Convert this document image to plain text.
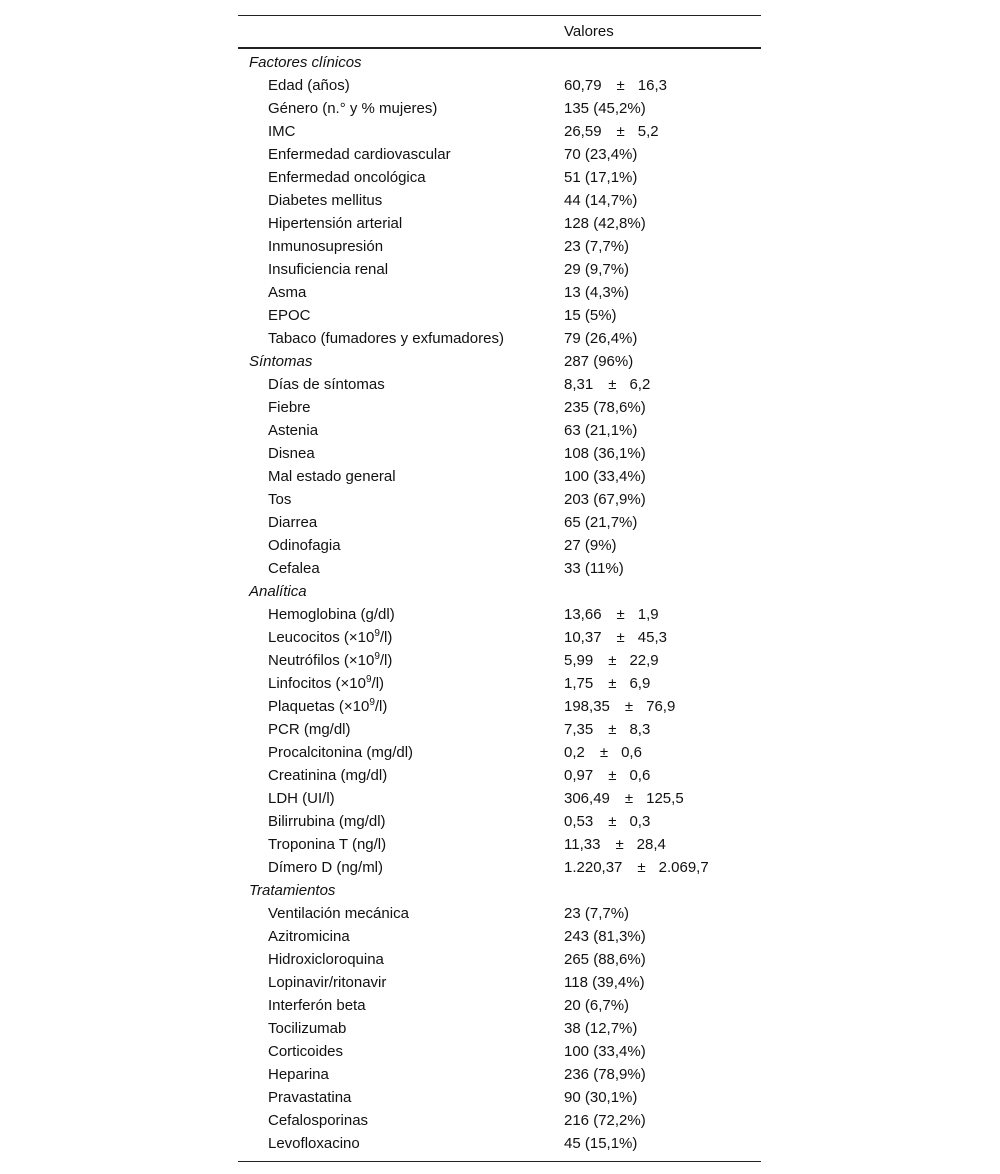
Valores
Factores clínicos
Edad (años)	60,79 ± 16,3
Género (n.° y % mujeres)	135 (45,2%)
IMC	26,59 ± 5,2
Enfermedad cardiovascular	70 (23,4%)
Enfermedad oncológica	51 (17,1%)
Diabetes mellitus	44 (14,7%)
Hipertensión arterial	128 (42,8%)
Inmunosupresión	23 (7,7%)
Insuficiencia renal	29 (9,7%)
Asma	13 (4,3%)
EPOC	15 (5%)
Tabaco (fumadores y exfumadores)	79 (26,4%)
Síntomas	287 (96%)
Días de síntomas	8,31 ± 6,2
Fiebre	235 (78,6%)
Astenia	63 (21,1%)
Disnea	108 (36,1%)
Mal estado general	100 (33,4%)
Tos	203 (67,9%)
Diarrea	65 (21,7%)
Odinofagia	27 (9%)
Cefalea	33 (11%)
Analítica
Hemoglobina (g/dl)	13,66 ± 1,9
Leucocitos $(\times 10^9/l)$	10,37 ± 45,3
Neutrófilos $(\times 10^9/l)$	5,99 ± 22,9
Linfocitos $(\times 10^9/l)$	1,75 ± 6,9
Plaquetas $(\times 10^9/l)$	198,35 ± 76,9
PCR (mg/dl)	7,35 ± 8,3
Procalcitonina (mg/dl)	0,2 ± 0,6
Creatinina (mg/dl)	0,97 ± 0,6
LDH (UI/l)	306,49 ± 125,5
Bilirrubina (mg/dl)	0,53 ± 0,3
Troponina T (ng/l)	11,33 ± 28,4
Dímero D (ng/ml)	1.220,37 ± 2.069,7
Tratamientos
Ventilación mecánica	23 (7,7%)
Azitromicina	243 (81,3%)
Hidroxicloroquina	265 (88,6%)
Lopinavir/ritonavir	118 (39,4%)
Interferón beta	20 (6,7%)
Tocilizumab	38 (12,7%)
Corticoides	100 (33,4%)
Heparina	236 (78,9%)
Pravastatina	90 (30,1%)
Cefalosporinas	216 (72,2%)
Levofloxacino	45 (15,1%)
